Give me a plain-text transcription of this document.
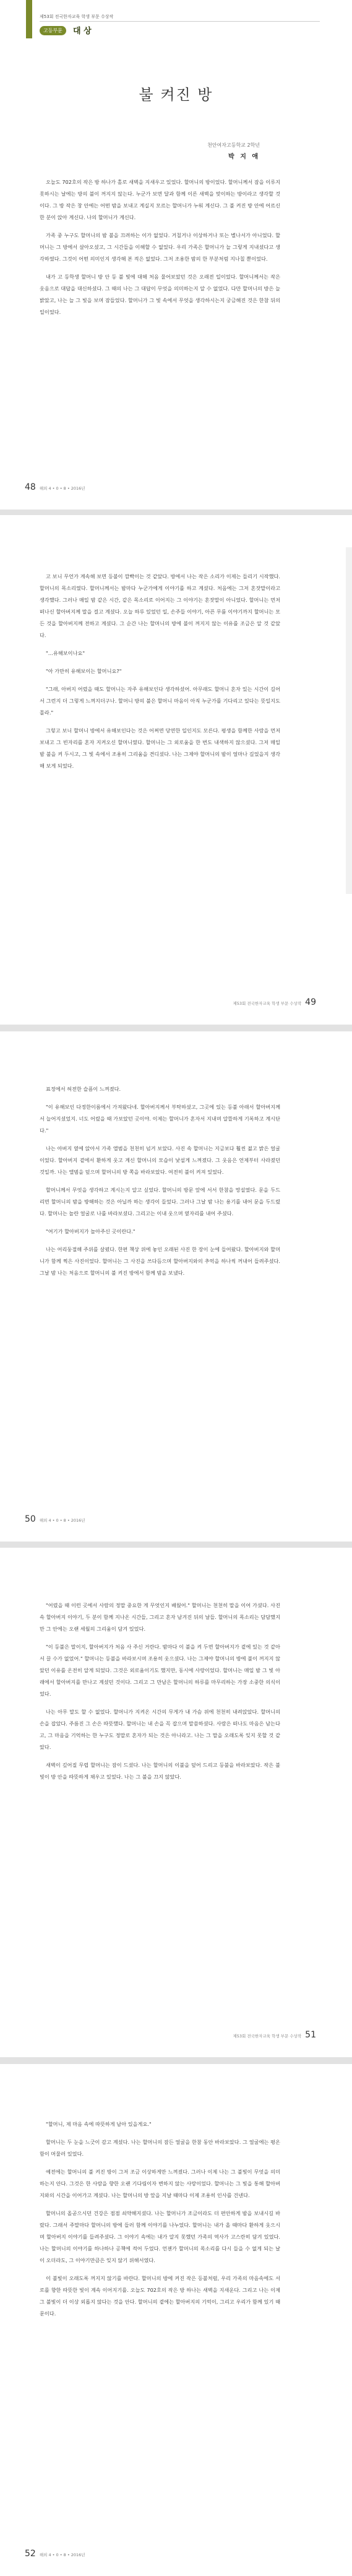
제53회 전국한자교육 학생 부문 수상작
고등부문	대 상
불 켜진 방
천안여자고등학교 2학년
박 지 애

오늘도 702호의 작은 방 하나가 홀로 새벽을 지새우고 있었다. 할머니의 방이었다. 할머니께서 잠을 이루지 못하시는 날에는 방의 불이 꺼지지 않는다. 누군가 보면 달과 함께 이른 새벽을 맞이하는 방이라고 생각할 것이다. 그 방 작은 창 안에는 어떤 밤을 보내고 계실지 모르는 할머니가 누워 계신다. 그 불 켜진 방 안에 어르신 한 분이 앉아 계신다. 나의 할머니가 계신다.

가족 중 누구도 할머니의 밤 불을 끄려하는 이가 없었다. 거칠거나 이상하거나 또는 별나서가 아니었다. 할머니는 그 방에서 살아오셨고, 그 시간들을 이해할 수 없었다. 우리 가족은 할머니가 늘 그렇게 지내셨다고 생각하였다. 그것이 어떤 의미인지 생각해 본 적은 없었다. 그저 조용한 밤의 한 부분처럼 지나칠 뿐이었다.

내가 고 등학생 할머니 방 안 등 불 빛에 대해 처음 물어보았던 것은 오래전 일이었다. 할머니께서는 작은 웃음으로 대답을 대신하셨다. 그 때의 나는 그 대답이 무엇을 의미하는지 알 수 없었다. 다만 할머니의 방은 늘 밝았고, 나는 늘 그 빛을 보며 잠들었다. 할머니가 그 빛 속에서 무엇을 생각하시는지 궁금해진 것은 한참 뒤의 일이었다.

48 해외 4 • 0 • 8 • 2016년

고 보니 무언가 계속해 보면 등불이 깜빡이는 것 같았다. 방에서 나는 작은 소리가 이제는 들리기 시작했다. 할머니의 목소리였다. 할머니께서는 밤마다 누군가에게 이야기를 하고 계셨다. 처음에는 그저 혼잣말이라고 생각했다. 그러나 매일 밤 같은 시간, 같은 목소리로 이어지는 그 이야기는 혼잣말이 아니었다. 할머니는 먼저 떠나신 할아버지께 말을 걸고 계셨다. 오늘 하루 있었던 일, 손주들 이야기, 아픈 무릎 이야기까지 할머니는 모든 것을 할아버지께 전하고 계셨다. 그 순간 나는 할머니의 방에 불이 꺼지지 않는 이유를 조금은 알 것 같았다.

"…유해보이나요"

"아 가만히 유해보이는 할머니요?"

"그래, 아버지 어렸을 때도 할머니는 자주 유해보인다 생각하셨어. 아무래도 할머니 혼자 있는 시간이 길어서 그런지 더 그렇게 느껴지더구나. 할머니 방의 불은 할머니 마음이 아직 누군가를 기다리고 있다는 뜻일지도 몰라."

그렇고 보니 할머니 방에서 유해보인다는 것은 어쩌면 당연한 일인지도 모른다. 평생을 함께한 사람을 먼저 보내고 그 빈자리를 혼자 지켜오신 할머니였다. 할머니는 그 외로움을 한 번도 내색하지 않으셨다. 그저 매일 밤 불을 켜 두시고, 그 빛 속에서 조용히 그리움을 견디셨다. 나는 그제야 할머니의 밤이 얼마나 길었을지 생각해 보게 되었다.

제53회 전국한자교육 학생 부문 수상작 49

표정에서 허전한 슬픔이 느껴졌다.

"이 유해보인 다정한이름에서 가져왔다네. 할아버지께서 부탁하셨고, 그곳에 있는 등불 아래서 할아버지께서 늘어지셨었지. 너도 어렸을 때 가보았던 곳이야. 이제는 할머니가 혼자서 지내며 알뜰하게 기록하고 계시단다."

나는 아버지 옆에 앉아서 가족 앨범을 천천히 넘겨 보았다. 사진 속 할머니는 지금보다 훨씬 젊고 밝은 얼굴이었다. 할아버지 곁에서 환하게 웃고 계신 할머니의 모습이 낯설게 느껴졌다. 그 웃음은 언제부터 사라졌던 것일까. 나는 앨범을 덮으며 할머니의 방 쪽을 바라보았다. 여전히 불이 켜져 있었다.

할머니께서 무엇을 생각하고 계시는지 알고 싶었다. 할머니의 방문 앞에 서서 한참을 망설였다. 문을 두드리면 할머니의 밤을 방해하는 것은 아닐까 하는 생각이 들었다. 그러나 그날 밤 나는 용기를 내어 문을 두드렸다. 할머니는 놀란 얼굴로 나를 바라보셨다. 그리고는 이내 웃으며 옆자리를 내어 주셨다.

"여기가 할아버지가 놀아주신 곳이란다."

나는 어리둥절해 주위를 살폈다. 한편 책상 위에 놓인 오래된 사진 한 장이 눈에 들어왔다. 할아버지와 할머니가 함께 찍은 사진이었다. 할머니는 그 사진을 쓰다듬으며 할아버지와의 추억을 하나씩 꺼내어 들려주셨다. 그날 밤 나는 처음으로 할머니의 불 켜진 방에서 함께 밤을 보냈다.

50 해외 4 • 0 • 8 • 2016년

"어렸을 때 이런 곳에서 사람의 정말 중요한 게 무엇인지 배웠어." 할머니는 천천히 말을 이어 가셨다. 사진 속 할아버지 이야기, 두 분이 함께 지나온 시간들, 그리고 혼자 남겨진 뒤의 날들. 할머니의 목소리는 담담했지만 그 안에는 오랜 세월의 그리움이 담겨 있었다.

"이 등불은 말이지, 할아버지가 처음 사 주신 거란다. 밤마다 이 불을 켜 두면 할아버지가 곁에 있는 것 같아서 끌 수가 없었어." 할머니는 등불을 바라보시며 조용히 웃으셨다. 나는 그제야 할머니의 방에 불이 꺼지지 않았던 이유를 온전히 알게 되었다. 그것은 외로움이기도 했지만, 동시에 사랑이었다. 할머니는 매일 밤 그 빛 아래에서 할아버지를 만나고 계셨던 것이다. 그리고 그 만남은 할머니의 하루를 마무리하는 가장 소중한 의식이었다.

나는 아무 말도 할 수 없었다. 할머니가 지켜온 시간의 무게가 내 가슴 위에 천천히 내려앉았다. 할머니의 손을 잡았다. 주름진 그 손은 따뜻했다. 할머니는 내 손을 꼭 잡으며 말씀하셨다. 사람은 떠나도 마음은 남는다고, 그 마음을 기억하는 한 누구도 정말로 혼자가 되는 것은 아니라고. 나는 그 말을 오래도록 잊지 못할 것 같았다.

새벽이 깊어질 무렵 할머니는 잠이 드셨다. 나는 할머니의 이불을 덮어 드리고 등불을 바라보았다. 작은 불빛이 방 안을 따뜻하게 채우고 있었다. 나는 그 불을 끄지 않았다.

제53회 전국한자교육 학생 부문 수상작 51

"할머니, 제 마음 속에 따뜻하게 남아 있을게요."

할머니는 두 눈을 느긋이 감고 계셨다. 나는 할머니의 잠든 얼굴을 한참 동안 바라보았다. 그 얼굴에는 평온함이 머물러 있었다.

예전에는 할머니의 불 켜진 방이 그저 조금 이상하게만 느껴졌다. 그러나 이제 나는 그 불빛이 무엇을 의미하는지 안다. 그것은 한 사람을 향한 오랜 기다림이자 변하지 않는 사랑이었다. 할머니는 그 빛을 통해 할아버지와의 시간을 이어가고 계셨다. 나는 할머니의 방 앞을 지날 때마다 이제 조용히 인사를 건넨다.

할머니의 올곧으시던 건강은 점점 쇠약해지셨다. 나는 할머니가 조금이라도 더 편안하게 밤을 보내시길 바랐다. 그래서 주말마다 할머니의 방에 들러 함께 이야기를 나누었다. 할머니는 내가 올 때마다 환하게 웃으시며 할아버지 이야기를 들려주셨다. 그 이야기 속에는 내가 알지 못했던 가족의 역사가 고스란히 담겨 있었다. 나는 할머니의 이야기를 하나하나 공책에 적어 두었다. 언젠가 할머니의 목소리를 다시 들을 수 없게 되는 날이 오더라도, 그 이야기만큼은 잊지 않기 위해서였다.

이 불빛이 오래도록 꺼지지 않기를 바란다. 할머니의 방에 켜진 작은 등불처럼, 우리 가족의 마음속에도 서로를 향한 따뜻한 빛이 계속 이어지기를. 오늘도 702호의 작은 방 하나는 새벽을 지새운다. 그리고 나는 이제 그 불빛이 더 이상 외롭지 않다는 것을 안다. 할머니의 곁에는 할아버지의 기억이, 그리고 우리가 함께 있기 때문이다.

52 해외 4 • 0 • 8 • 2016년
